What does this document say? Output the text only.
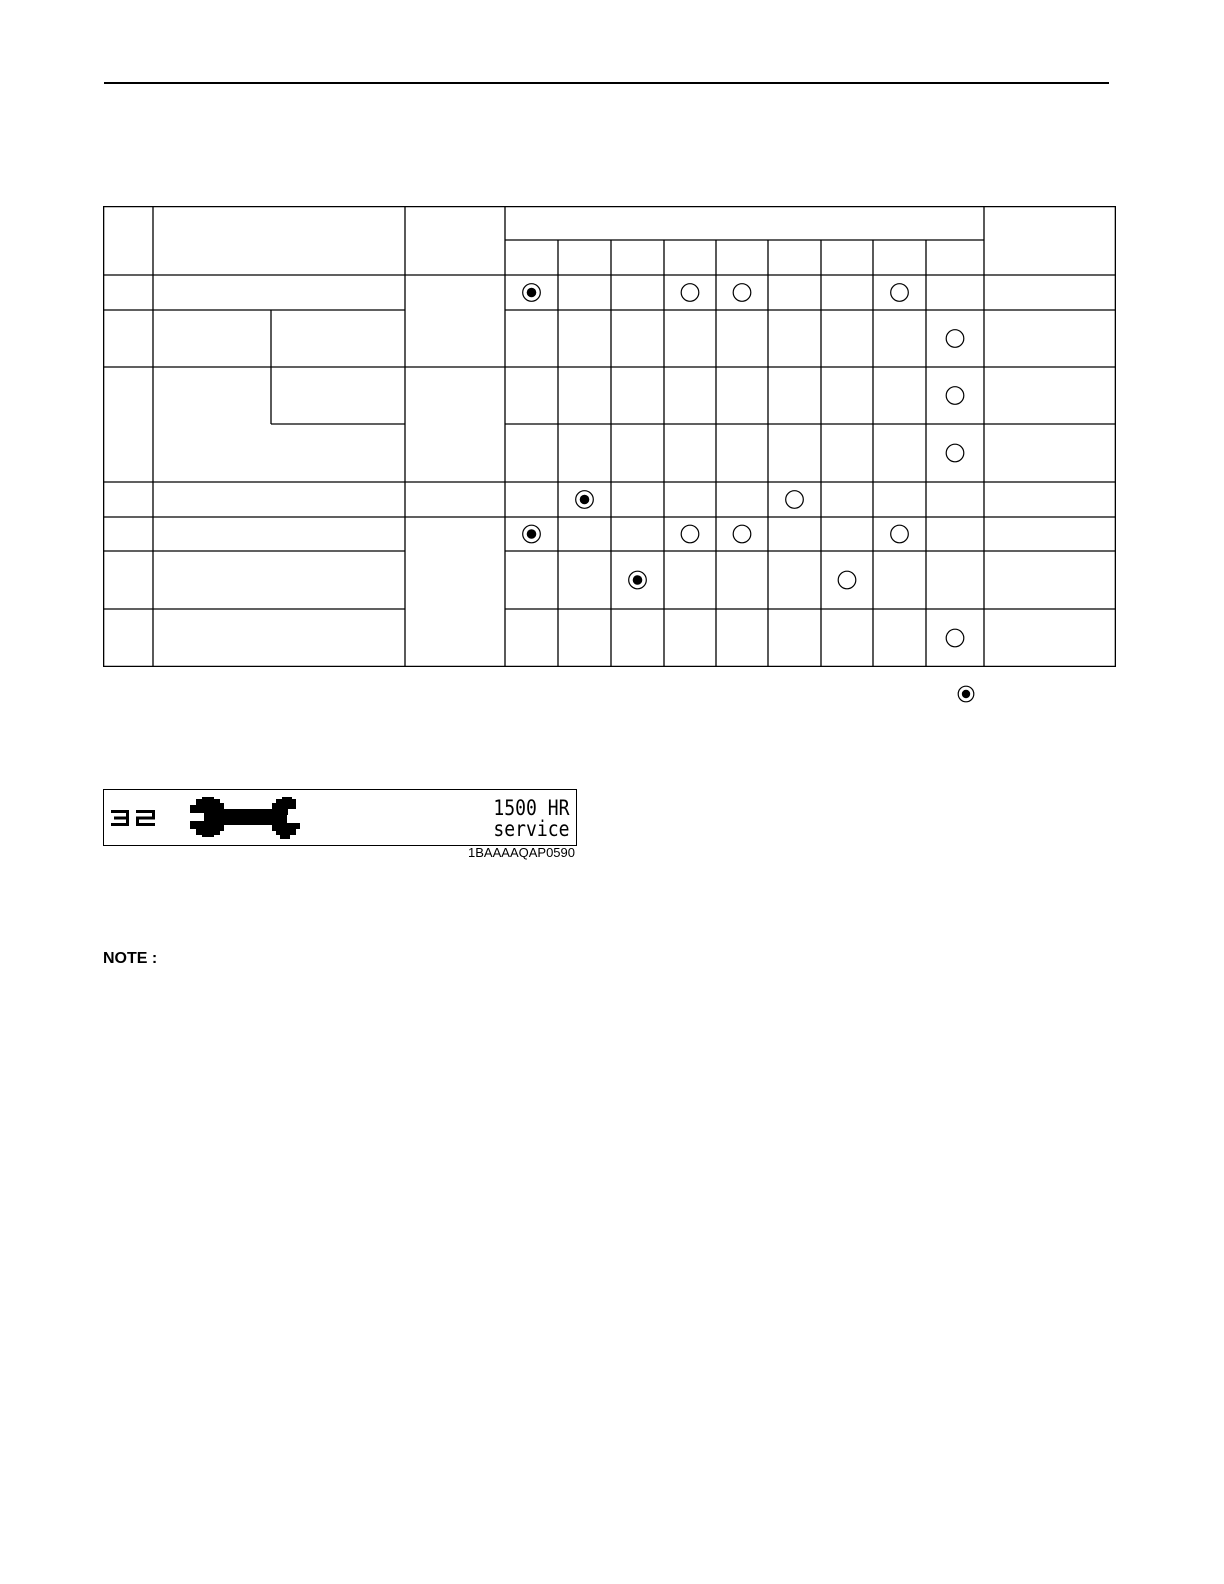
1500 HR
service
1BAAAAQAP0590
NOTE :
